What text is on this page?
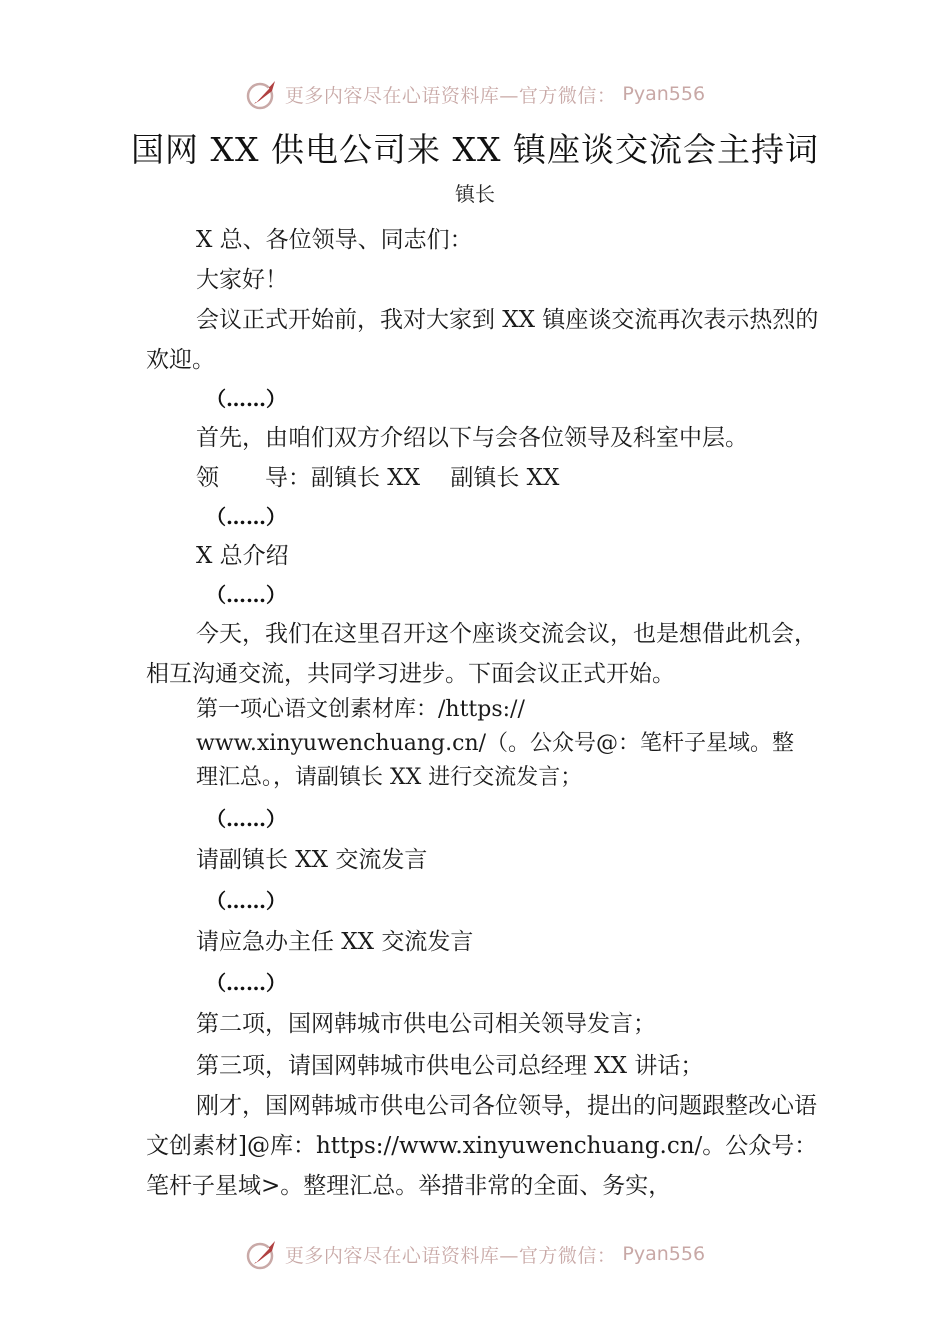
更多内容尽在心语资料库—官方微信： Pyan556
国网 XX 供电公司来 XX 镇座谈交流会主持词
镇长

X 总、各位领导、同志们：

大家好！

会议正式开始前，我对大家到 XX 镇座谈交流再次表示热烈的欢迎。

（……）

首先，由咱们双方介绍以下与会各位领导及科室中层。

领　　导：副镇长 XX　 副镇长 XX

（……）

X 总介绍

（……）

今天，我们在这里召开这个座谈交流会议，也是想借此机会，相互沟通交流，共同学习进步。下面会议正式开始。

第一项心语文创素材库：/https://

www.xinyuwenchuang.cn/（。公众号@：笔杆子星域。整

理汇总。，请副镇长 XX 进行交流发言；

（……）

请副镇长 XX 交流发言

（……）

请应急办主任 XX 交流发言

（……）

第二项，国网韩城市供电公司相关领导发言；

第三项，请国网韩城市供电公司总经理 XX 讲话；

刚才，国网韩城市供电公司各位领导，提出的问题跟整改心语文创素材]@库：https://www.xinyuwenchuang.cn/。公众号：笔杆子星域>。整理汇总。举措非常的全面、务实，

更多内容尽在心语资料库—官方微信： Pyan556
